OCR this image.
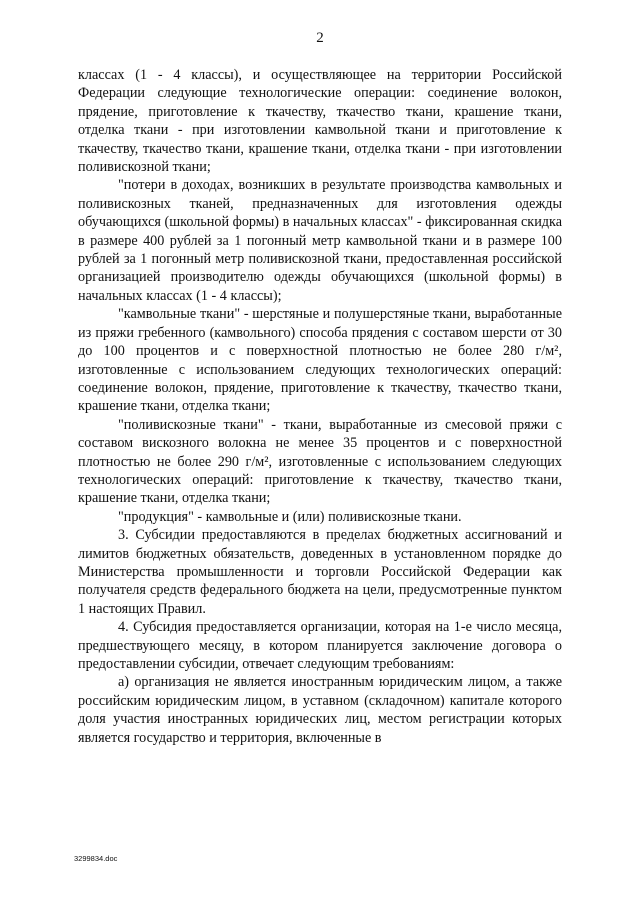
2

классах (1 - 4 классы), и осуществляющее на территории Российской Федерации следующие технологические операции: соединение волокон, прядение, приготовление к ткачеству, ткачество ткани, крашение ткани, отделка ткани - при изготовлении камвольной ткани и приготовление к ткачеству, ткачество ткани, крашение ткани, отделка ткани - при изготовлении поливискозной ткани;

"потери в доходах, возникших в результате производства камвольных и поливискозных тканей, предназначенных для изготовления одежды обучающихся (школьной формы) в начальных классах" - фиксированная скидка в размере 400 рублей за 1 погонный метр камвольной ткани и в размере 100 рублей за 1 погонный метр поливискозной ткани, предоставленная российской организацией производителю одежды обучающихся (школьной формы) в начальных классах (1 - 4 классы);

"камвольные ткани" - шерстяные и полушерстяные ткани, выработанные из пряжи гребенного (камвольного) способа прядения с составом шерсти от 30 до 100 процентов и с поверхностной плотностью не более 280 г/м², изготовленные с использованием следующих технологических операций: соединение волокон, прядение, приготовление к ткачеству, ткачество ткани, крашение ткани, отделка ткани;

"поливискозные ткани" - ткани, выработанные из смесовой пряжи с составом вискозного волокна не менее 35 процентов и с поверхностной плотностью не более 290 г/м², изготовленные с использованием следующих технологических операций: приготовление к ткачеству, ткачество ткани, крашение ткани, отделка ткани;

"продукция" - камвольные и (или) поливискозные ткани.

3. Субсидии предоставляются в пределах бюджетных ассигнований и лимитов бюджетных обязательств, доведенных в установленном порядке до Министерства промышленности и торговли Российской Федерации как получателя средств федерального бюджета на цели, предусмотренные пунктом 1 настоящих Правил.

4. Субсидия предоставляется организации, которая на 1-е число месяца, предшествующего месяцу, в котором планируется заключение договора о предоставлении субсидии, отвечает следующим требованиям:

а) организация не является иностранным юридическим лицом, а также российским юридическим лицом, в уставном (складочном) капитале которого доля участия иностранных юридических лиц, местом регистрации которых является государство и территория, включенные в

3299834.doc
